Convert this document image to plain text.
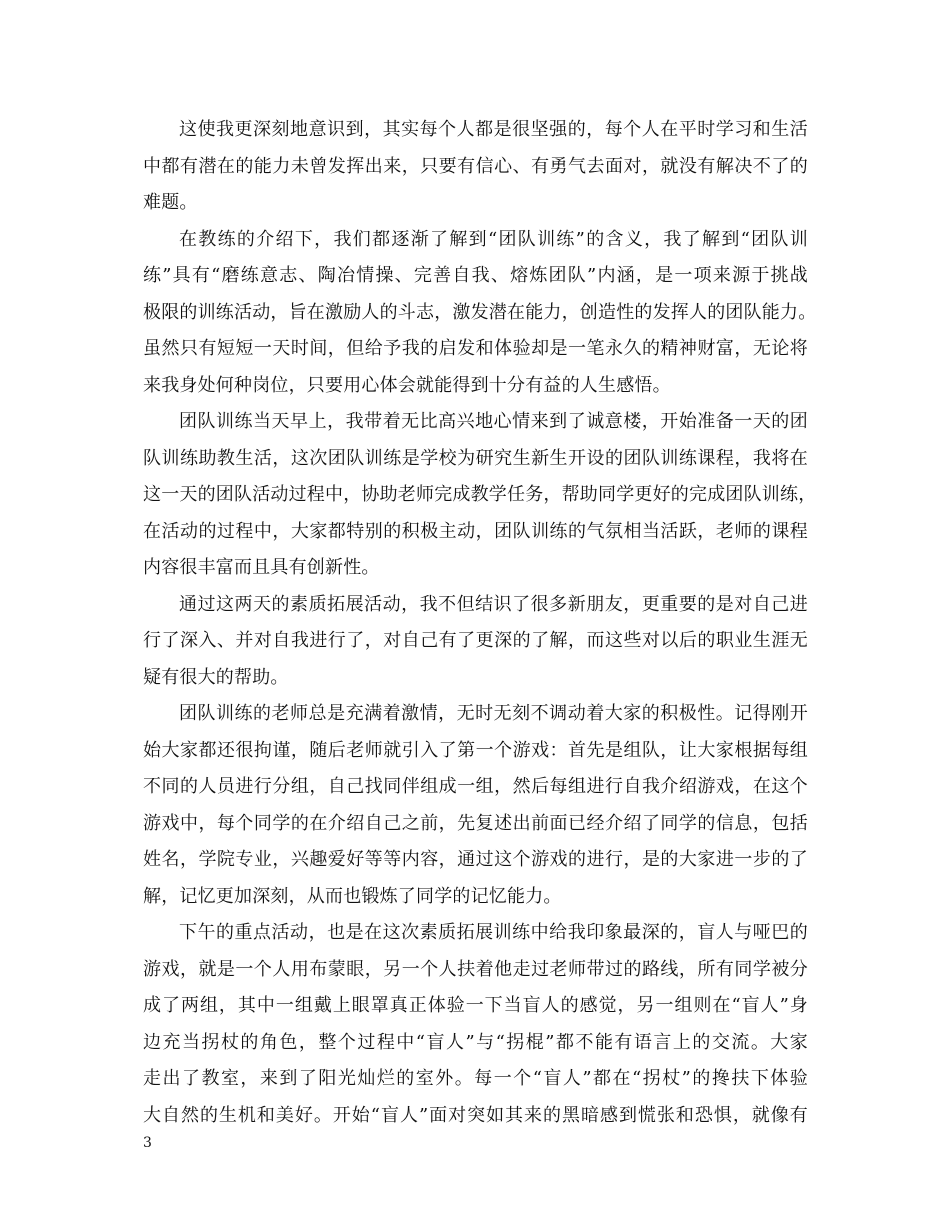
这使我更深刻地意识到，其实每个人都是很坚强的，每个人在平时学习和生活
中都有潜在的能力未曾发挥出来，只要有信心、有勇气去面对，就没有解决不了的
难题。
在教练的介绍下，我们都逐渐了解到“团队训练”的含义，我了解到“团队训
练”具有“磨练意志、陶冶情操、完善自我、熔炼团队”内涵，是一项来源于挑战
极限的训练活动，旨在激励人的斗志，激发潜在能力，创造性的发挥人的团队能力。
虽然只有短短一天时间，但给予我的启发和体验却是一笔永久的精神财富，无论将
来我身处何种岗位，只要用心体会就能得到十分有益的人生感悟。
团队训练当天早上，我带着无比高兴地心情来到了诚意楼，开始准备一天的团
队训练助教生活，这次团队训练是学校为研究生新生开设的团队训练课程，我将在
这一天的团队活动过程中，协助老师完成教学任务，帮助同学更好的完成团队训练，
在活动的过程中，大家都特别的积极主动，团队训练的气氛相当活跃，老师的课程
内容很丰富而且具有创新性。
通过这两天的素质拓展活动，我不但结识了很多新朋友，更重要的是对自己进
行了深入、并对自我进行了，对自己有了更深的了解，而这些对以后的职业生涯无
疑有很大的帮助。
团队训练的老师总是充满着激情，无时无刻不调动着大家的积极性。记得刚开
始大家都还很拘谨，随后老师就引入了第一个游戏：首先是组队，让大家根据每组
不同的人员进行分组，自己找同伴组成一组，然后每组进行自我介绍游戏，在这个
游戏中，每个同学的在介绍自己之前，先复述出前面已经介绍了同学的信息，包括
姓名，学院专业，兴趣爱好等等内容，通过这个游戏的进行，是的大家进一步的了
解，记忆更加深刻，从而也锻炼了同学的记忆能力。
下午的重点活动，也是在这次素质拓展训练中给我印象最深的，盲人与哑巴的
游戏，就是一个人用布蒙眼，另一个人扶着他走过老师带过的路线，所有同学被分
成了两组，其中一组戴上眼罩真正体验一下当盲人的感觉，另一组则在“盲人”身
边充当拐杖的角色，整个过程中“盲人”与“拐棍”都不能有语言上的交流。大家
走出了教室，来到了阳光灿烂的室外。每一个“盲人”都在“拐杖”的搀扶下体验
大自然的生机和美好。开始“盲人”面对突如其来的黑暗感到慌张和恐惧，就像有
3
